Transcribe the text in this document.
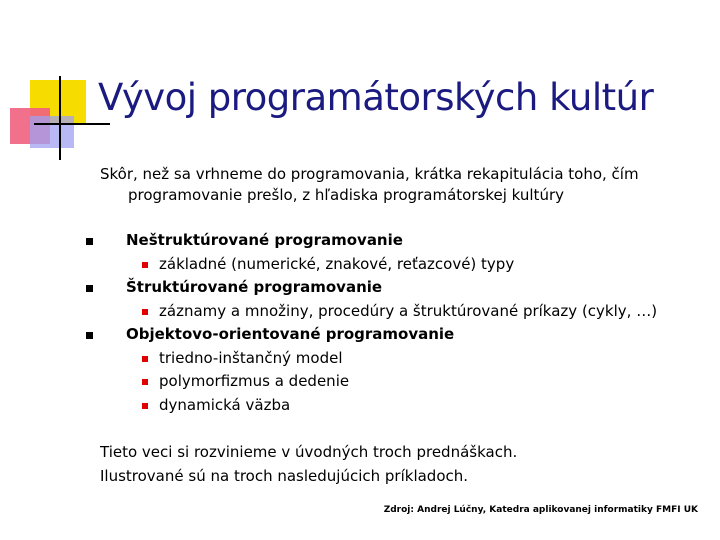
Vývoj programátorských kultúr
Skôr, než sa vrhneme do programovania, krátka rekapitulácia toho, čím
programovanie prešlo, z hľadiska programátorskej kultúry
Neštruktúrované programovanie
základné (numerické, znakové, reťazcové) typy
Štruktúrované programovanie
záznamy a množiny, procedúry a štruktúrované príkazy (cykly, …)
Objektovo-orientované programovanie
triedno-inštančný model
polymorfizmus a dedenie
dynamická väzba
Tieto veci si rozvinieme v úvodných troch prednáškach.
Ilustrované sú na troch nasledujúcich príkladoch.
Zdroj: Andrej Lúčny, Katedra aplikovanej informatiky FMFI UK
